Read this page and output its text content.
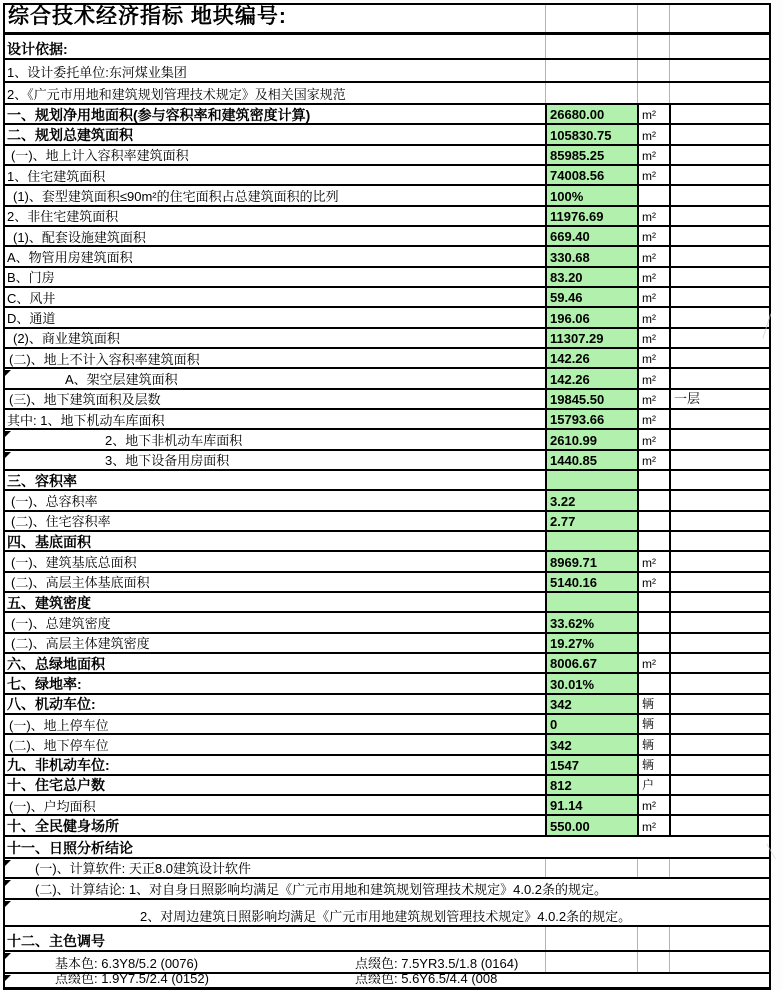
综合技术经济指标 地块编号:
设计依据:
1、设计委托单位:东河煤业集团
2、《广元市用地和建筑规划管理技术规定》及相关国家规范
一、规划净用地面积(参与容积率和建筑密度计算)	26680.00	m²
二、规划总建筑面积	105830.75	m²
(一)、地上计入容积率建筑面积	85985.25	m²
1、住宅建筑面积	74008.56	m²
(1)、套型建筑面积≤90m²的住宅面积占总建筑面积的比列	100%
2、非住宅建筑面积	11976.69	m²
(1)、配套设施建筑面积	669.40	m²
A、物管用房建筑面积	330.68	m²
B、门房	83.20	m²
C、风井	59.46	m²
D、通道	196.06	m²
(2)、商业建筑面积	11307.29	m²
(二)、地上不计入容积率建筑面积	142.26	m²
A、架空层建筑面积	142.26	m²
(三)、地下建筑面积及层数	19845.50	m²	一层
其中: 1、地下机动车库面积	15793.66	m²
2、地下非机动车库面积	2610.99	m²
3、地下设备用房面积	1440.85	m²
三、容积率
(一)、总容积率	3.22
(二)、住宅容积率	2.77
四、基底面积
(一)、建筑基底总面积	8969.71	m²
(二)、高层主体基底面积	5140.16	m²
五、建筑密度
(一)、总建筑密度	33.62%
(二)、高层主体建筑密度	19.27%
六、总绿地面积	8006.67	m²
七、绿地率:	30.01%
八、机动车位:	342	辆
(一)、地上停车位	0	辆
(二)、地下停车位	342	辆
九、非机动车位:	1547	辆
十、住宅总户数	812	户
(一)、户均面积	91.14	m²
十、全民健身场所	550.00	m²
十一、日照分析结论
(一)、计算软件: 天正8.0建筑设计软件
(二)、计算结论: 1、对自身日照影响均满足《广元市用地和建筑规划管理技术规定》4.0.2条的规定。
2、对周边建筑日照影响均满足《广元市用地建筑规划管理技术规定》4.0.2条的规定。
十二、主色调号
基本色: 6.3Y8/5.2 (0076)	点缀色: 7.5YR3.5/1.8 (0164)
点缀色: 1.9Y7.5/2.4 (0152)	点缀色: 5.6Y6.5/4.4 (008
